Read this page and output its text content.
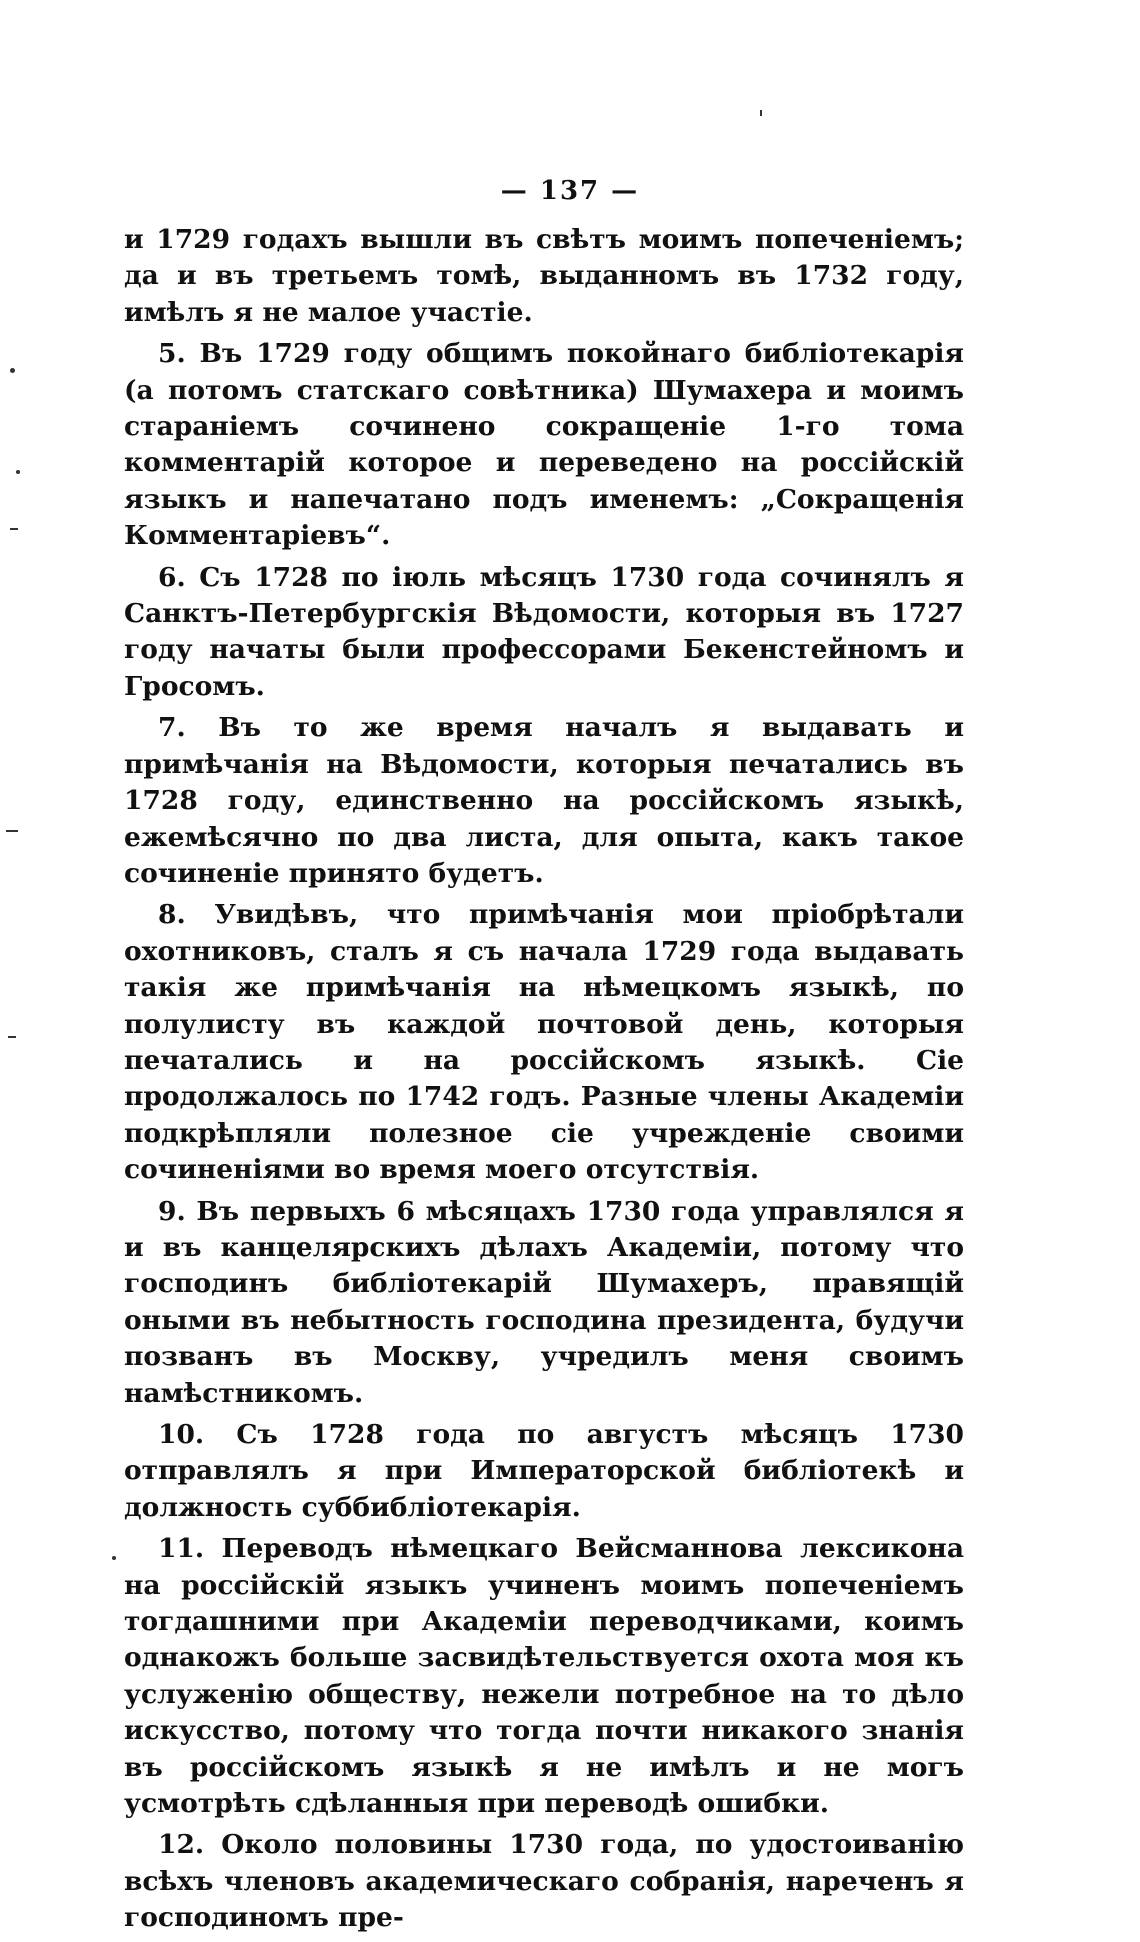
— 137 —

и 1729 годахъ вышли въ свѣтъ моимъ попеченіемъ; да и въ третьемъ томѣ, выданномъ въ 1732 году, имѣлъ я не малое участіе.

5. Въ 1729 году общимъ покойнаго библіотекарія (а потомъ статскаго совѣтника) Шумахера и моимъ стараніемъ сочинено сокращеніе 1-го тома комментарій которое и переведено на россійскій языкъ и напечатано подъ именемъ: „Сокращенія Комментаріевъ“.

6. Съ 1728 по іюль мѣсяцъ 1730 года сочинялъ я Санктъ-Петербургскія Вѣдомости, которыя въ 1727 году начаты были профессорами Бекенстейномъ и Гросомъ.

7. Въ то же время началъ я выдавать и примѣчанія на Вѣдомости, которыя печатались въ 1728 году, единственно на россійскомъ языкѣ, ежемѣсячно по два листа, для опыта, какъ такое сочиненіе принято будетъ.

8. Увидѣвъ, что примѣчанія мои пріобрѣтали охотниковъ, сталъ я съ начала 1729 года выдавать такія же примѣчанія на нѣмецкомъ языкѣ, по полулисту въ каждой почтовой день, которыя печатались и на россійскомъ языкѣ. Сіе продолжалось по 1742 годъ. Разные члены Академіи подкрѣпляли полезное сіе учрежденіе своими сочиненіями во время моего отсутствія.

9. Въ первыхъ 6 мѣсяцахъ 1730 года управлялся я и въ канцелярскихъ дѣлахъ Академіи, потому что господинъ библіотекарій Шумахеръ, правящій оными въ небытность господина президента, будучи позванъ въ Москву, учредилъ меня своимъ намѣстникомъ.

10. Съ 1728 года по августъ мѣсяцъ 1730 отправлялъ я при Императорской библіотекѣ и должность суббиблiотекарія.

11. Переводъ нѣмецкаго Вейсманнова лексикона на россійскій языкъ учиненъ моимъ попеченіемъ тогдашними при Академіи переводчиками, коимъ однакожъ больше засвидѣтельствуется охота моя къ услуженію обществу, нежели потребное на то дѣло искусство, потому что тогда почти никакого знанія въ россійскомъ языкѣ я не имѣлъ и не могъ усмотрѣть сдѣланныя при переводѣ ошибки.

12. Около половины 1730 года, по удостоиванію всѣхъ членовъ академическаго собранія, нареченъ я господиномъ пре-
